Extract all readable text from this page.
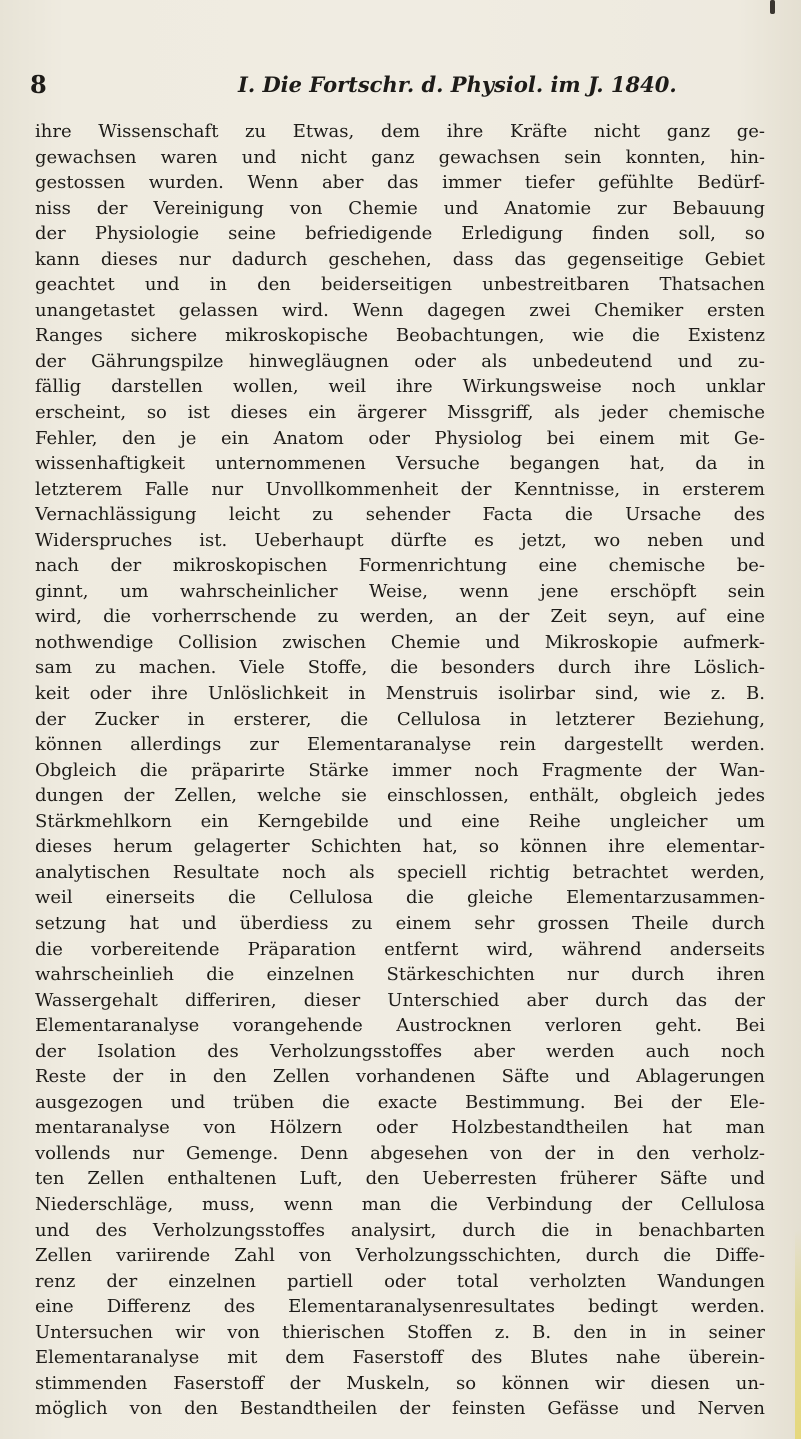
8	I. Die Fortschr. d. Physiol. im J. 1840.
ihre Wissenschaft zu Etwas, dem ihre Kräfte nicht ganz ge-
gewachsen waren und nicht ganz gewachsen sein konnten, hin-
gestossen wurden. Wenn aber das immer tiefer gefühlte Bedürf-
niss der Vereinigung von Chemie und Anatomie zur Bebauung
der Physiologie seine befriedigende Erledigung finden soll, so
kann dieses nur dadurch geschehen, dass das gegenseitige Gebiet
geachtet und in den beiderseitigen unbestreitbaren Thatsachen
unangetastet gelassen wird. Wenn dagegen zwei Chemiker ersten
Ranges sichere mikroskopische Beobachtungen, wie die Existenz
der Gährungspilze hinwegläugnen oder als unbedeutend und zu-
fällig darstellen wollen, weil ihre Wirkungsweise noch unklar
erscheint, so ist dieses ein ärgerer Missgriff, als jeder chemische
Fehler, den je ein Anatom oder Physiolog bei einem mit Ge-
wissenhaftigkeit unternommenen Versuche begangen hat, da in
letzterem Falle nur Unvollkommenheit der Kenntnisse, in ersterem
Vernachlässigung leicht zu sehender Facta die Ursache des
Widerspruches ist. Ueberhaupt dürfte es jetzt, wo neben und
nach der mikroskopischen Formenrichtung eine chemische be-
ginnt, um wahrscheinlicher Weise, wenn jene erschöpft sein
wird, die vorherrschende zu werden, an der Zeit seyn, auf eine
nothwendige Collision zwischen Chemie und Mikroskopie aufmerk-
sam zu machen. Viele Stoffe, die besonders durch ihre Löslich-
keit oder ihre Unlöslichkeit in Menstruis isolirbar sind, wie z. B.
der Zucker in ersterer, die Cellulosa in letzterer Beziehung,
können allerdings zur Elementaranalyse rein dargestellt werden.
Obgleich die präparirte Stärke immer noch Fragmente der Wan-
dungen der Zellen, welche sie einschlossen, enthält, obgleich jedes
Stärkmehlkorn ein Kerngebilde und eine Reihe ungleicher um
dieses herum gelagerter Schichten hat, so können ihre elementar-
analytischen Resultate noch als speciell richtig betrachtet werden,
weil einerseits die Cellulosa die gleiche Elementarzusammen-
setzung hat und überdiess zu einem sehr grossen Theile durch
die vorbereitende Präparation entfernt wird, während anderseits
wahrscheinlieh die einzelnen Stärkeschichten nur durch ihren
Wassergehalt differiren, dieser Unterschied aber durch das der
Elementaranalyse vorangehende Austrocknen verloren geht. Bei
der Isolation des Verholzungsstoffes aber werden auch noch
Reste der in den Zellen vorhandenen Säfte und Ablagerungen
ausgezogen und trüben die exacte Bestimmung. Bei der Ele-
mentaranalyse von Hölzern oder Holzbestandtheilen hat man
vollends nur Gemenge. Denn abgesehen von der in den verholz-
ten Zellen enthaltenen Luft, den Ueberresten früherer Säfte und
Niederschläge, muss, wenn man die Verbindung der Cellulosa
und des Verholzungsstoffes analysirt, durch die in benachbarten
Zellen variirende Zahl von Verholzungsschichten, durch die Diffe-
renz der einzelnen partiell oder total verholzten Wandungen
eine Differenz des Elementaranalysenresultates bedingt werden.
Untersuchen wir von thierischen Stoffen z. B. den in in seiner
Elementaranalyse mit dem Faserstoff des Blutes nahe überein-
stimmenden Faserstoff der Muskeln, so können wir diesen un-
möglich von den Bestandtheilen der feinsten Gefässe und Nerven
